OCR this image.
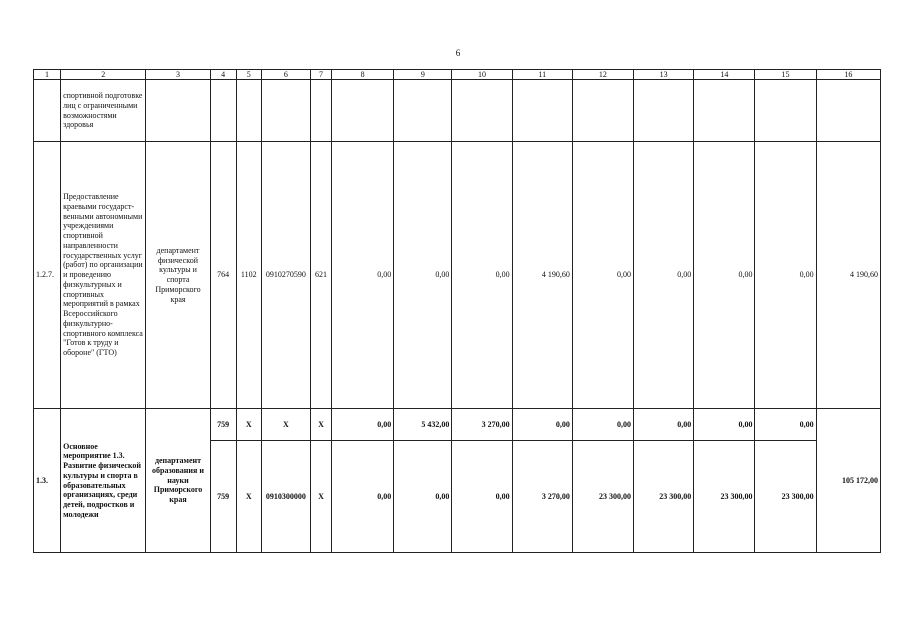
6
1	2	3	4	5	6	7	8	9	10	11	12	13	14	15	16
	спортивной подготовке лиц с ограниченными возможностями здоровья														
1.2.7.	Предоставление краевыми государст-венными автономными учреждениями спортивной направленности государственных услуг (работ) по организации и проведению физкультурных и спортивных мероприятий в рамках Всероссийского физкультурно-спортивного комплекса "Готов к труду и обороне" (ГТО)	департамент физической культуры и спорта Приморского края	764	1102	0910270590	621	0,00	0,00	0,00	4 190,60	0,00	0,00	0,00	0,00	4 190,60
1.3.	Основное мероприятие 1.3. Развитие физической культуры и спорта в образовательных организациях, среди детей, подростков и молодежи	департамент образования и науки Приморского края	759	X	X	X	0,00	5 432,00	3 270,00	0,00	0,00	0,00	0,00	0,00	105 172,00
			759	X	0910300000	X	0,00	0,00	0,00	3 270,00	23 300,00	23 300,00	23 300,00	23 300,00	
